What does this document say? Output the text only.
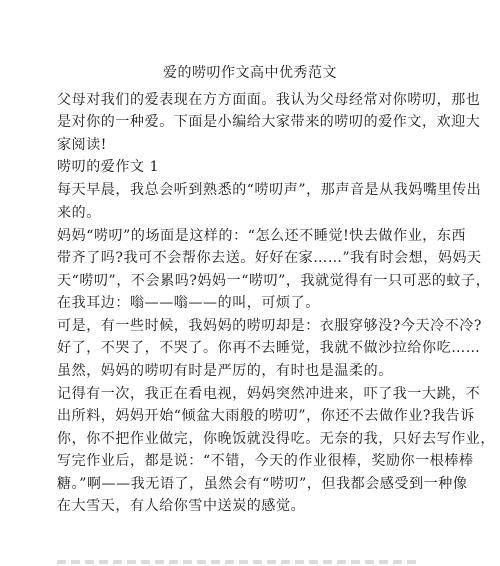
爱的唠叨作文高中优秀范文
父母对我们的爱表现在方方面面。我认为父母经常对你唠叨，那也
是对你的一种爱。下面是小编给大家带来的唠叨的爱作文，欢迎大
家阅读!
唠叨的爱作文 1
每天早晨，我总会听到熟悉的“唠叨声”，那声音是从我妈嘴里传出
来的。
妈妈“唠叨”的场面是这样的：“怎么还不睡觉!快去做作业，东西
带齐了吗?我可不会帮你去送。好好在家……”我有时会想，妈妈天
天“唠叨”，不会累吗?妈妈一“唠叨”，我就觉得有一只可恶的蚊子，
在我耳边：嗡——嗡——的叫，可烦了。
可是，有一些时候，我妈妈的唠叨却是：衣服穿够没?今天冷不冷?
好了，不哭了，不哭了。你再不去睡觉，我就不做沙拉给你吃……
虽然，妈妈的唠叨有时是严厉的，有时也是温柔的。
记得有一次，我正在看电视，妈妈突然冲进来，吓了我一大跳，不
出所料，妈妈开始“倾盆大雨般的唠叨”，你还不去做作业?我告诉
你，你不把作业做完，你晚饭就没得吃。无奈的我，只好去写作业，
写完作业后，都是说：“不错，今天的作业很棒，奖励你一根棒棒
糖。”啊——我无语了，虽然会有“唠叨”，但我都会感受到一种像
在大雪天，有人给你雪中送炭的感觉。
